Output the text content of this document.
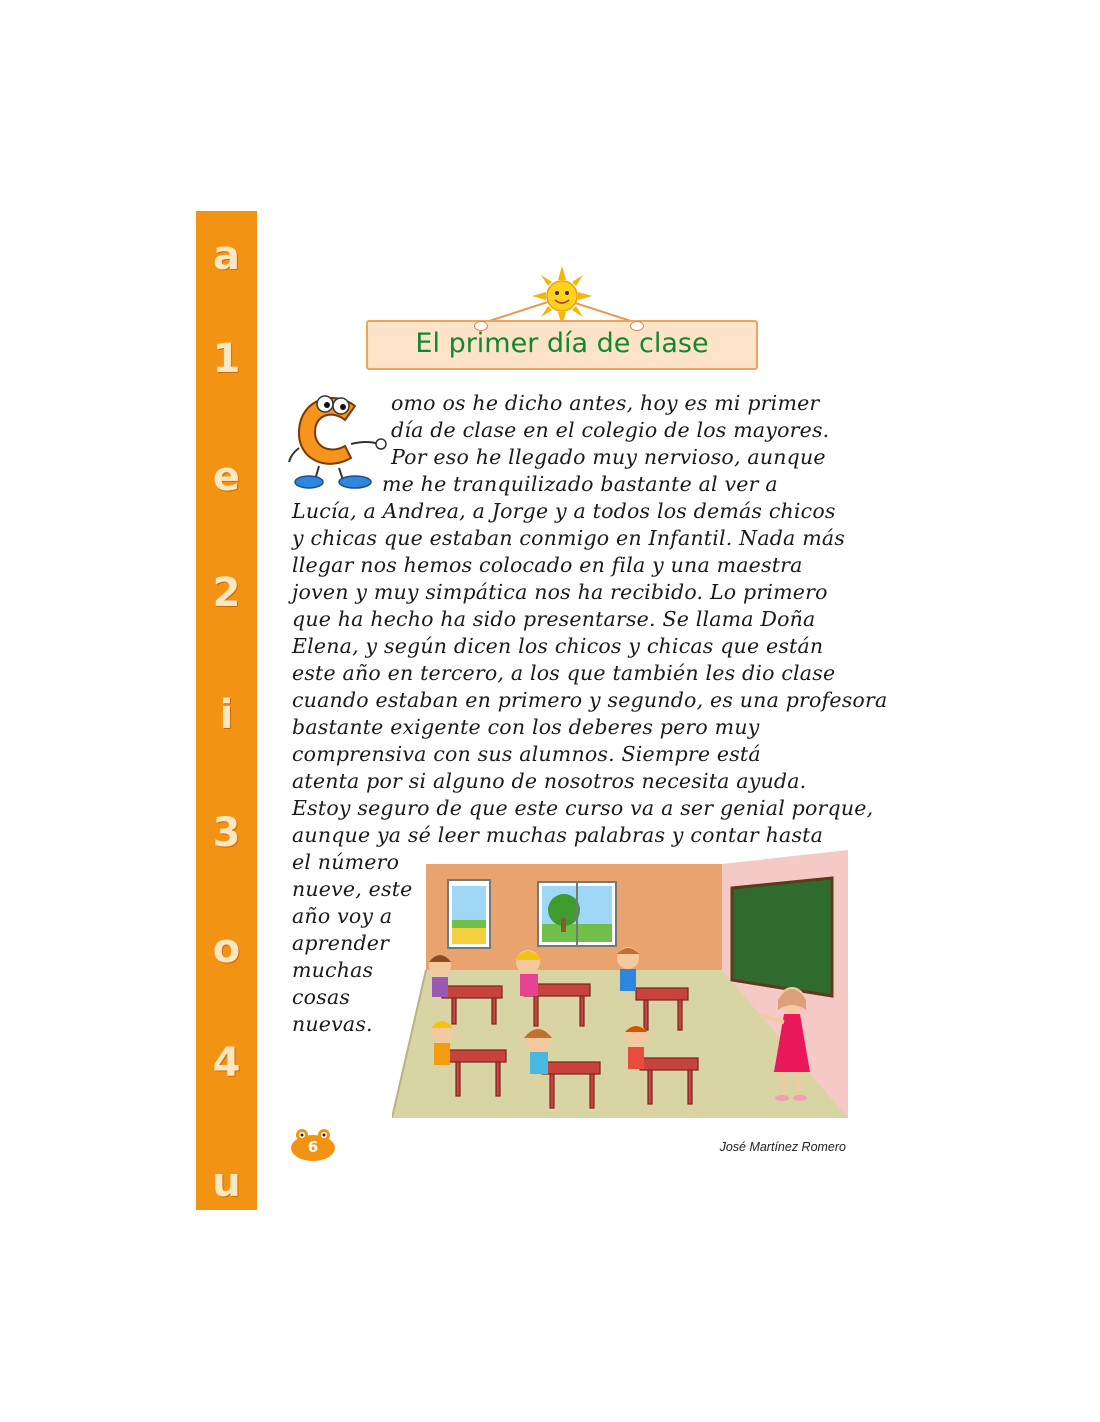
a
1
e
2
i
3
o
4
u
El primer día de clase
omo os he dicho antes, hoy es mi primer
día de clase en el colegio de los mayores.
Por eso he llegado muy nervioso, aunque
me he tranquilizado bastante al ver a
Lucía, a Andrea, a Jorge y a todos los demás chicos
y chicas que estaban conmigo en Infantil. Nada más
llegar nos hemos colocado en fila y una maestra
joven y muy simpática nos ha recibido. Lo primero
que ha hecho ha sido presentarse. Se llama Doña
Elena, y según dicen los chicos y chicas que están
este año en tercero, a los que también les dio clase
cuando estaban en primero y segundo, es una profesora
bastante exigente con los deberes pero muy
comprensiva con sus alumnos. Siempre está
atenta por si alguno de nosotros necesita ayuda.
Estoy seguro de que este curso va a ser genial porque,
aunque ya sé leer muchas palabras y contar hasta
el número
nueve, este
año voy a
aprender
muchas
cosas
nuevas.
6	José Martínez Romero
